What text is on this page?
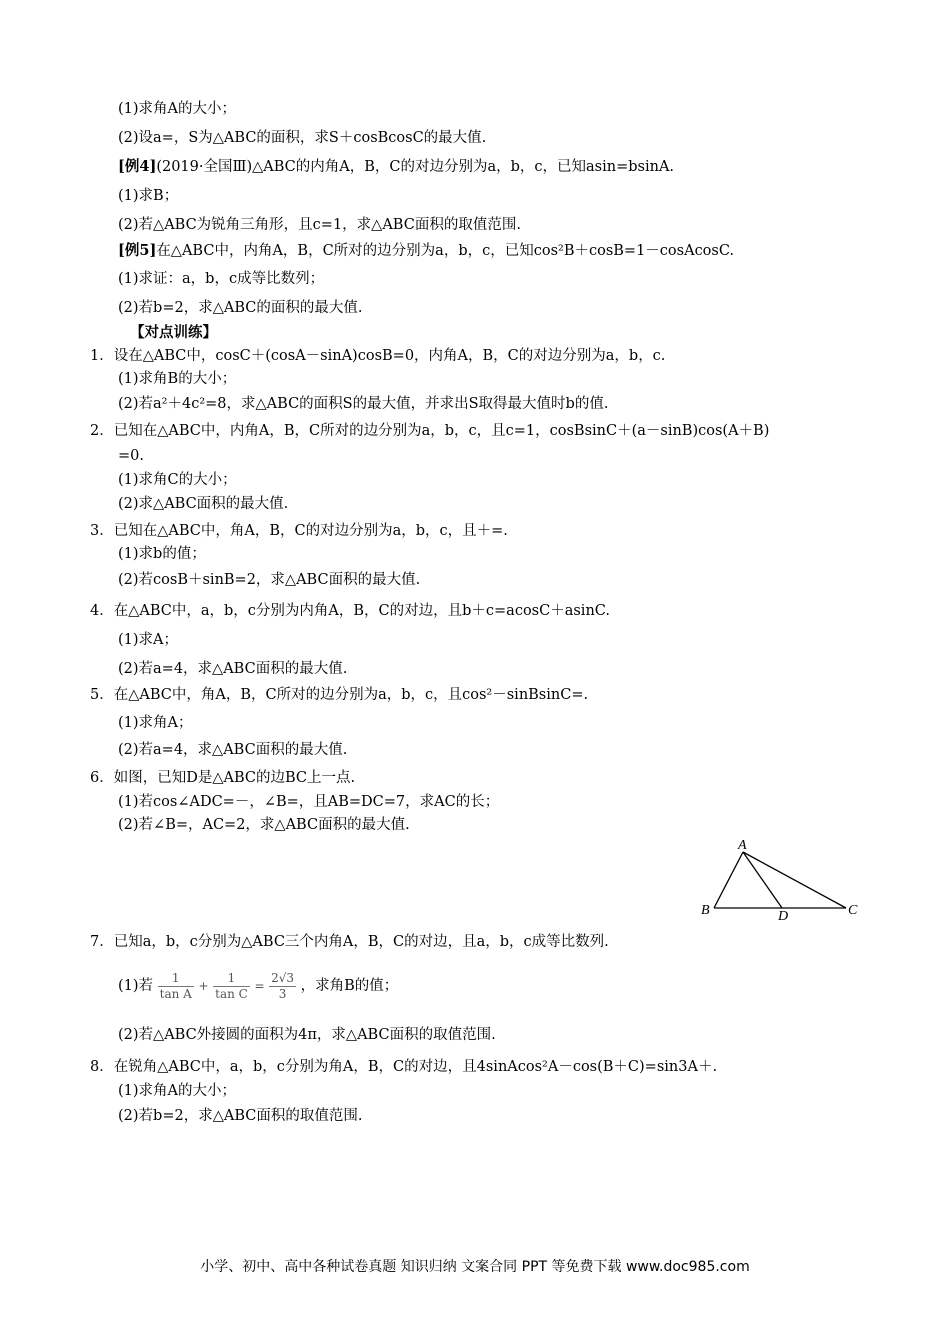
(1)求角A的大小；
(2)设a=，S为△ABC的面积，求S＋cosBcosC的最大值.
[例4](2019·全国Ⅲ)△ABC的内角A，B，C的对边分别为a，b，c，已知asin=bsinA.
(1)求B；
(2)若△ABC为锐角三角形，且c=1，求△ABC面积的取值范围.
[例5]在△ABC中，内角A，B，C所对的边分别为a，b，c，已知cos²B＋cosB=1－cosAcosC.
(1)求证：a，b，c成等比数列；
(2)若b=2，求△ABC的面积的最大值.
【对点训练】
1．设在△ABC中，cosC＋(cosA－sinA)cosB=0，内角A，B，C的对边分别为a，b，c.
(1)求角B的大小；
(2)若a²＋4c²=8，求△ABC的面积S的最大值，并求出S取得最大值时b的值.
2．已知在△ABC中，内角A，B，C所对的边分别为a，b，c，且c=1，cosBsinC＋(a－sinB)cos(A＋B)
=0.
(1)求角C的大小；
(2)求△ABC面积的最大值.
3．已知在△ABC中，角A，B，C的对边分别为a，b，c，且＋=.
(1)求b的值；
(2)若cosB＋sinB=2，求△ABC面积的最大值.
4．在△ABC中，a，b，c分别为内角A，B，C的对边，且b＋c=acosC＋asinC.
(1)求A；
(2)若a=4，求△ABC面积的最大值.
5．在△ABC中，角A，B，C所对的边分别为a，b，c，且cos²－sinBsinC=.
(1)求角A；
(2)若a=4，求△ABC面积的最大值.
6．如图，已知D是△ABC的边BC上一点.
(1)若cos∠ADC=－，∠B=，且AB=DC=7，求AC的长；
(2)若∠B=，AC=2，求△ABC面积的最大值.
A
B	C
D
7．已知a，b，c分别为△ABC三个内角A，B，C的对边，且a，b，c成等比数列.
(1)若 $\frac{1}{\text{tan A}} + \frac{1}{\text{tan C}} = \frac{2√3}{3}$ ，求角B的值；
(2)若△ABC外接圆的面积为4π，求△ABC面积的取值范围.
8．在锐角△ABC中，a，b，c分别为角A，B，C的对边，且4sinAcos²A－cos(B＋C)=sin3A＋.
(1)求角A的大小；
(2)若b=2，求△ABC面积的取值范围.
小学、初中、高中各种试卷真题 知识归纳 文案合同 PPT 等免费下载 www.doc985.com
